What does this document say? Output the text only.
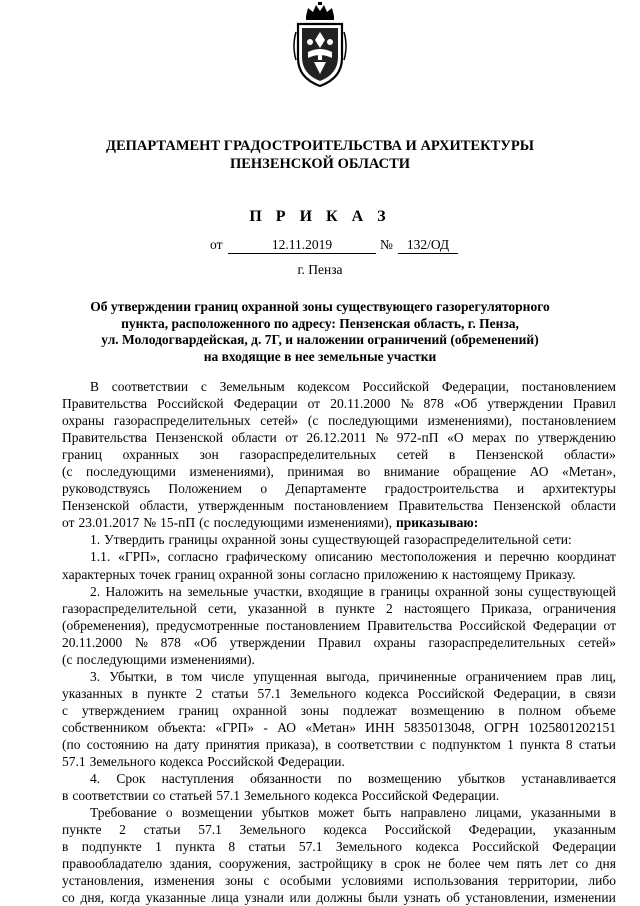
ДЕПАРТАМЕНТ ГРАДОСТРОИТЕЛЬСТВА И АРХИТЕКТУРЫ
ПЕНЗЕНСКОЙ ОБЛАСТИ
П Р И К А З
от	12.11.2019	№	132/ОД
г. Пенза
Об утверждении границ охранной зоны существующего газорегуляторного
пункта, расположенного по адресу: Пензенская область, г. Пенза,
ул. Молодогвардейская, д. 7Г, и наложении ограничений (обременений)
на входящие в нее земельные участки
В соответствии с Земельным кодексом Российской Федерации, постановлением
Правительства Российской Федерации от 20.11.2000 № 878 «Об утверждении Правил
охраны газораспределительных сетей» (с последующими изменениями), постановлением
Правительства Пензенской области от 26.12.2011 № 972-пП «О мерах по утверждению
границ охранных зон газораспределительных сетей в Пензенской области»
(с последующими изменениями), принимая во внимание обращение АО «Метан»,
руководствуясь Положением о Департаменте градостроительства и архитектуры
Пензенской области, утвержденным постановлением Правительства Пензенской области
от 23.01.2017 № 15-пП (с последующими изменениями), приказываю:
1. Утвердить границы охранной зоны существующей газораспределительной сети:
1.1. «ГРП», согласно графическому описанию местоположения и перечню координат
характерных точек границ охранной зоны согласно приложению к настоящему Приказу.
2. Наложить на земельные участки, входящие в границы охранной зоны существующей
газораспределительной сети, указанной в пункте 2 настоящего Приказа, ограничения
(обременения), предусмотренные постановлением Правительства Российской Федерации от
20.11.2000 № 878 «Об утверждении Правил охраны газораспределительных сетей»
(с последующими изменениями).
3. Убытки, в том числе упущенная выгода, причиненные ограничением прав лиц,
указанных в пункте 2 статьи 57.1 Земельного кодекса Российской Федерации, в связи
с утверждением границ охранной зоны подлежат возмещению в полном объеме
собственником объекта: «ГРП» - АО «Метан» ИНН 5835013048, ОГРН 1025801202151
(по состоянию на дату принятия приказа), в соответствии с подпунктом 1 пункта 8 статьи
57.1 Земельного кодекса Российской Федерации.
4. Срок наступления обязанности по возмещению убытков устанавливается
в соответствии со статьей 57.1 Земельного кодекса Российской Федерации.
Требование о возмещении убытков может быть направлено лицами, указанными в
пункте 2 статьи 57.1 Земельного кодекса Российской Федерации, указанным
в подпункте 1 пункта 8 статьи 57.1 Земельного кодекса Российской Федерации
правообладателю здания, сооружения, застройщику в срок не более чем пять лет со дня
установления, изменения зоны с особыми условиями использования территории, либо
со дня, когда указанные лица узнали или должны были узнать об установлении, изменении
